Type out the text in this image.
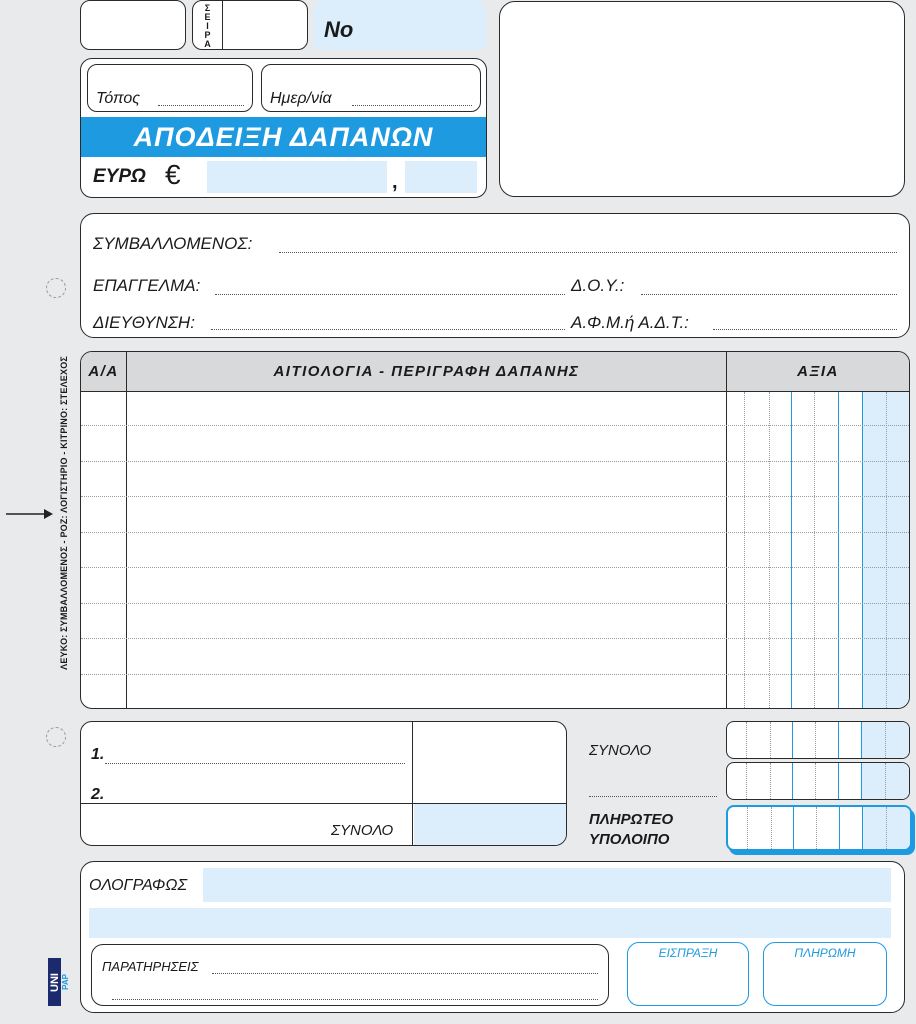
ΣΕΙΡΑ	No
Τόπος	Ημερ/νία
ΑΠΟΔΕΙΞΗ ΔΑΠΑΝΩΝ
ΕΥΡΩ €	,
ΣΥΜΒΑΛΛΟΜΕΝΟΣ:
ΕΠΑΓΓΕΛΜΑ:	Δ.Ο.Υ.:
ΔΙΕΥΘΥΝΣΗ:	Α.Φ.Μ.ή Α.Δ.Τ.:
ΛΕΥΚΟ: ΣΥΜΒΑΛΛΟΜΕΝΟΣ - ΡΟΖ: ΛΟΓΙΣΤΗΡΙΟ - ΚΙΤΡΙΝΟ: ΣΤΕΛΕΧΟΣ	Α/Α	ΑΙΤΙΟΛΟΓΙΑ - ΠΕΡΙΓΡΑΦΗ ΔΑΠΑΝΗΣ	ΑΞΙΑ
1.
2.
ΣΥΝΟΛΟ
ΣΥΝΟΛΟ
ΠΛΗΡΩΤΕΟ
ΥΠΟΛΟΙΠΟ
ΟΛΟΓΡΑΦΩΣ
ΠΑΡΑΤΗΡΗΣΕΙΣ
ΕΙΣΠΡΑΞΗ	ΠΛΗΡΩΜΗ
UNI PAP
